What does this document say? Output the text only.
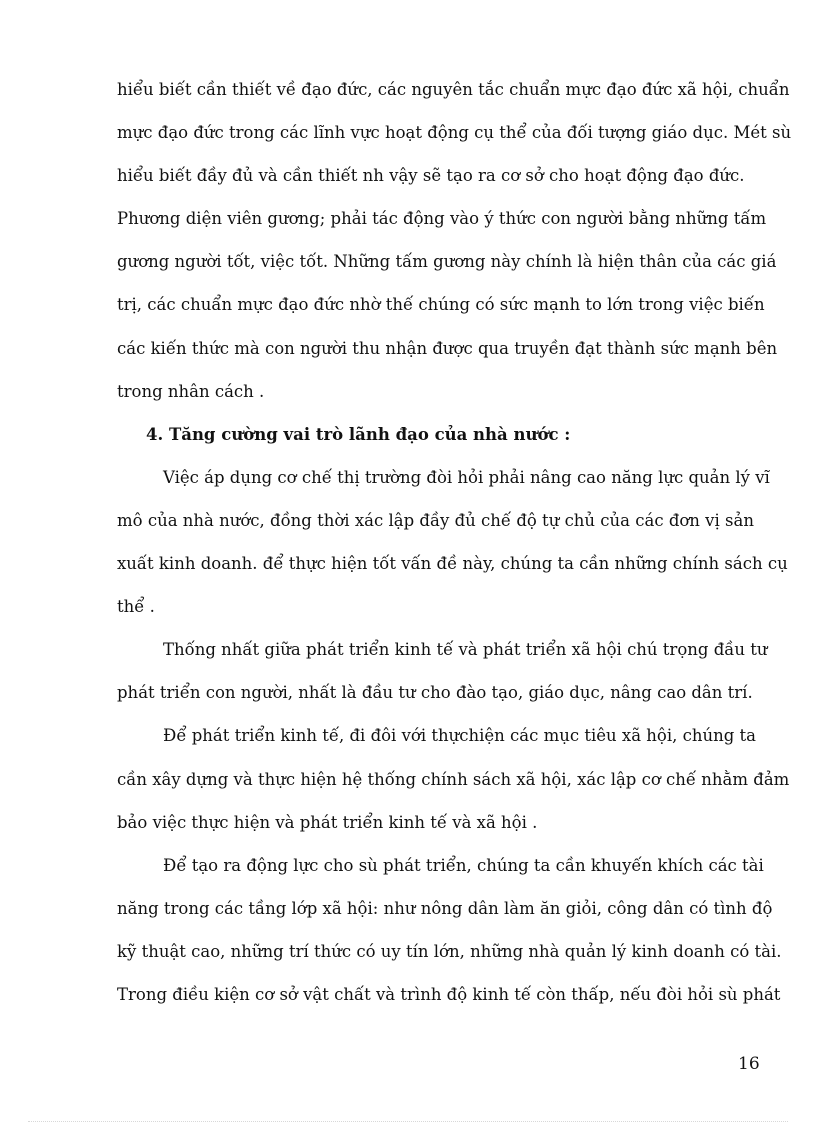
hiểu biết cần thiết về đạo đức, các nguyên tắc chuẩn mực đạo đức xã hội, chuẩn
mực đạo đức trong các lĩnh vực hoạt động cụ thể của đối tượng giáo dục. Mét sù
hiểu biết đầy đủ và cần thiết nh vậy sẽ tạo ra cơ sở cho hoạt động đạo đức.
Phương diện viên gương; phải tác động vào ý thức con người bằng những tấm
gương người tốt, việc tốt. Những tấm gương này chính là hiện thân của các giá
trị, các chuẩn mực đạo đức nhờ thế chúng có sức mạnh to lớn trong việc biến
các kiến thức mà con người thu nhận được qua truyền đạt thành sức mạnh bên
trong nhân cách .
4. Tăng cường vai trò lãnh đạo của nhà nước :
Việc áp dụng cơ chế thị trường đòi hỏi phải nâng cao năng lực quản lý vĩ
mô của nhà nước, đồng thời xác lập đầy đủ chế độ tự chủ của các đơn vị sản
xuất kinh doanh. để thực hiện tốt vấn đề này, chúng ta cần những chính sách cụ
thể .
Thống nhất giữa phát triển kinh tế và phát triển xã hội chú trọng đầu tư
phát triển con người, nhất là đầu tư cho đào tạo, giáo dục, nâng cao dân trí.
Để phát triển kinh tế, đi đôi với thựchiện các mục tiêu xã hội, chúng ta
cần xây dựng và thực hiện hệ thống chính sách xã hội, xác lập cơ chế nhằm đảm
bảo việc thực hiện và phát triển kinh tế và xã hội .
Để tạo ra động lực cho sù phát triển, chúng ta cần khuyến khích các tài
năng trong các tầng lớp xã hội: như nông dân làm ăn giỏi, công dân có tình độ
kỹ thuật cao, những trí thức có uy tín lớn, những nhà quản lý kinh doanh có tài.
Trong điều kiện cơ sở vật chất và trình độ kinh tế còn thấp, nếu đòi hỏi sù phát
16
